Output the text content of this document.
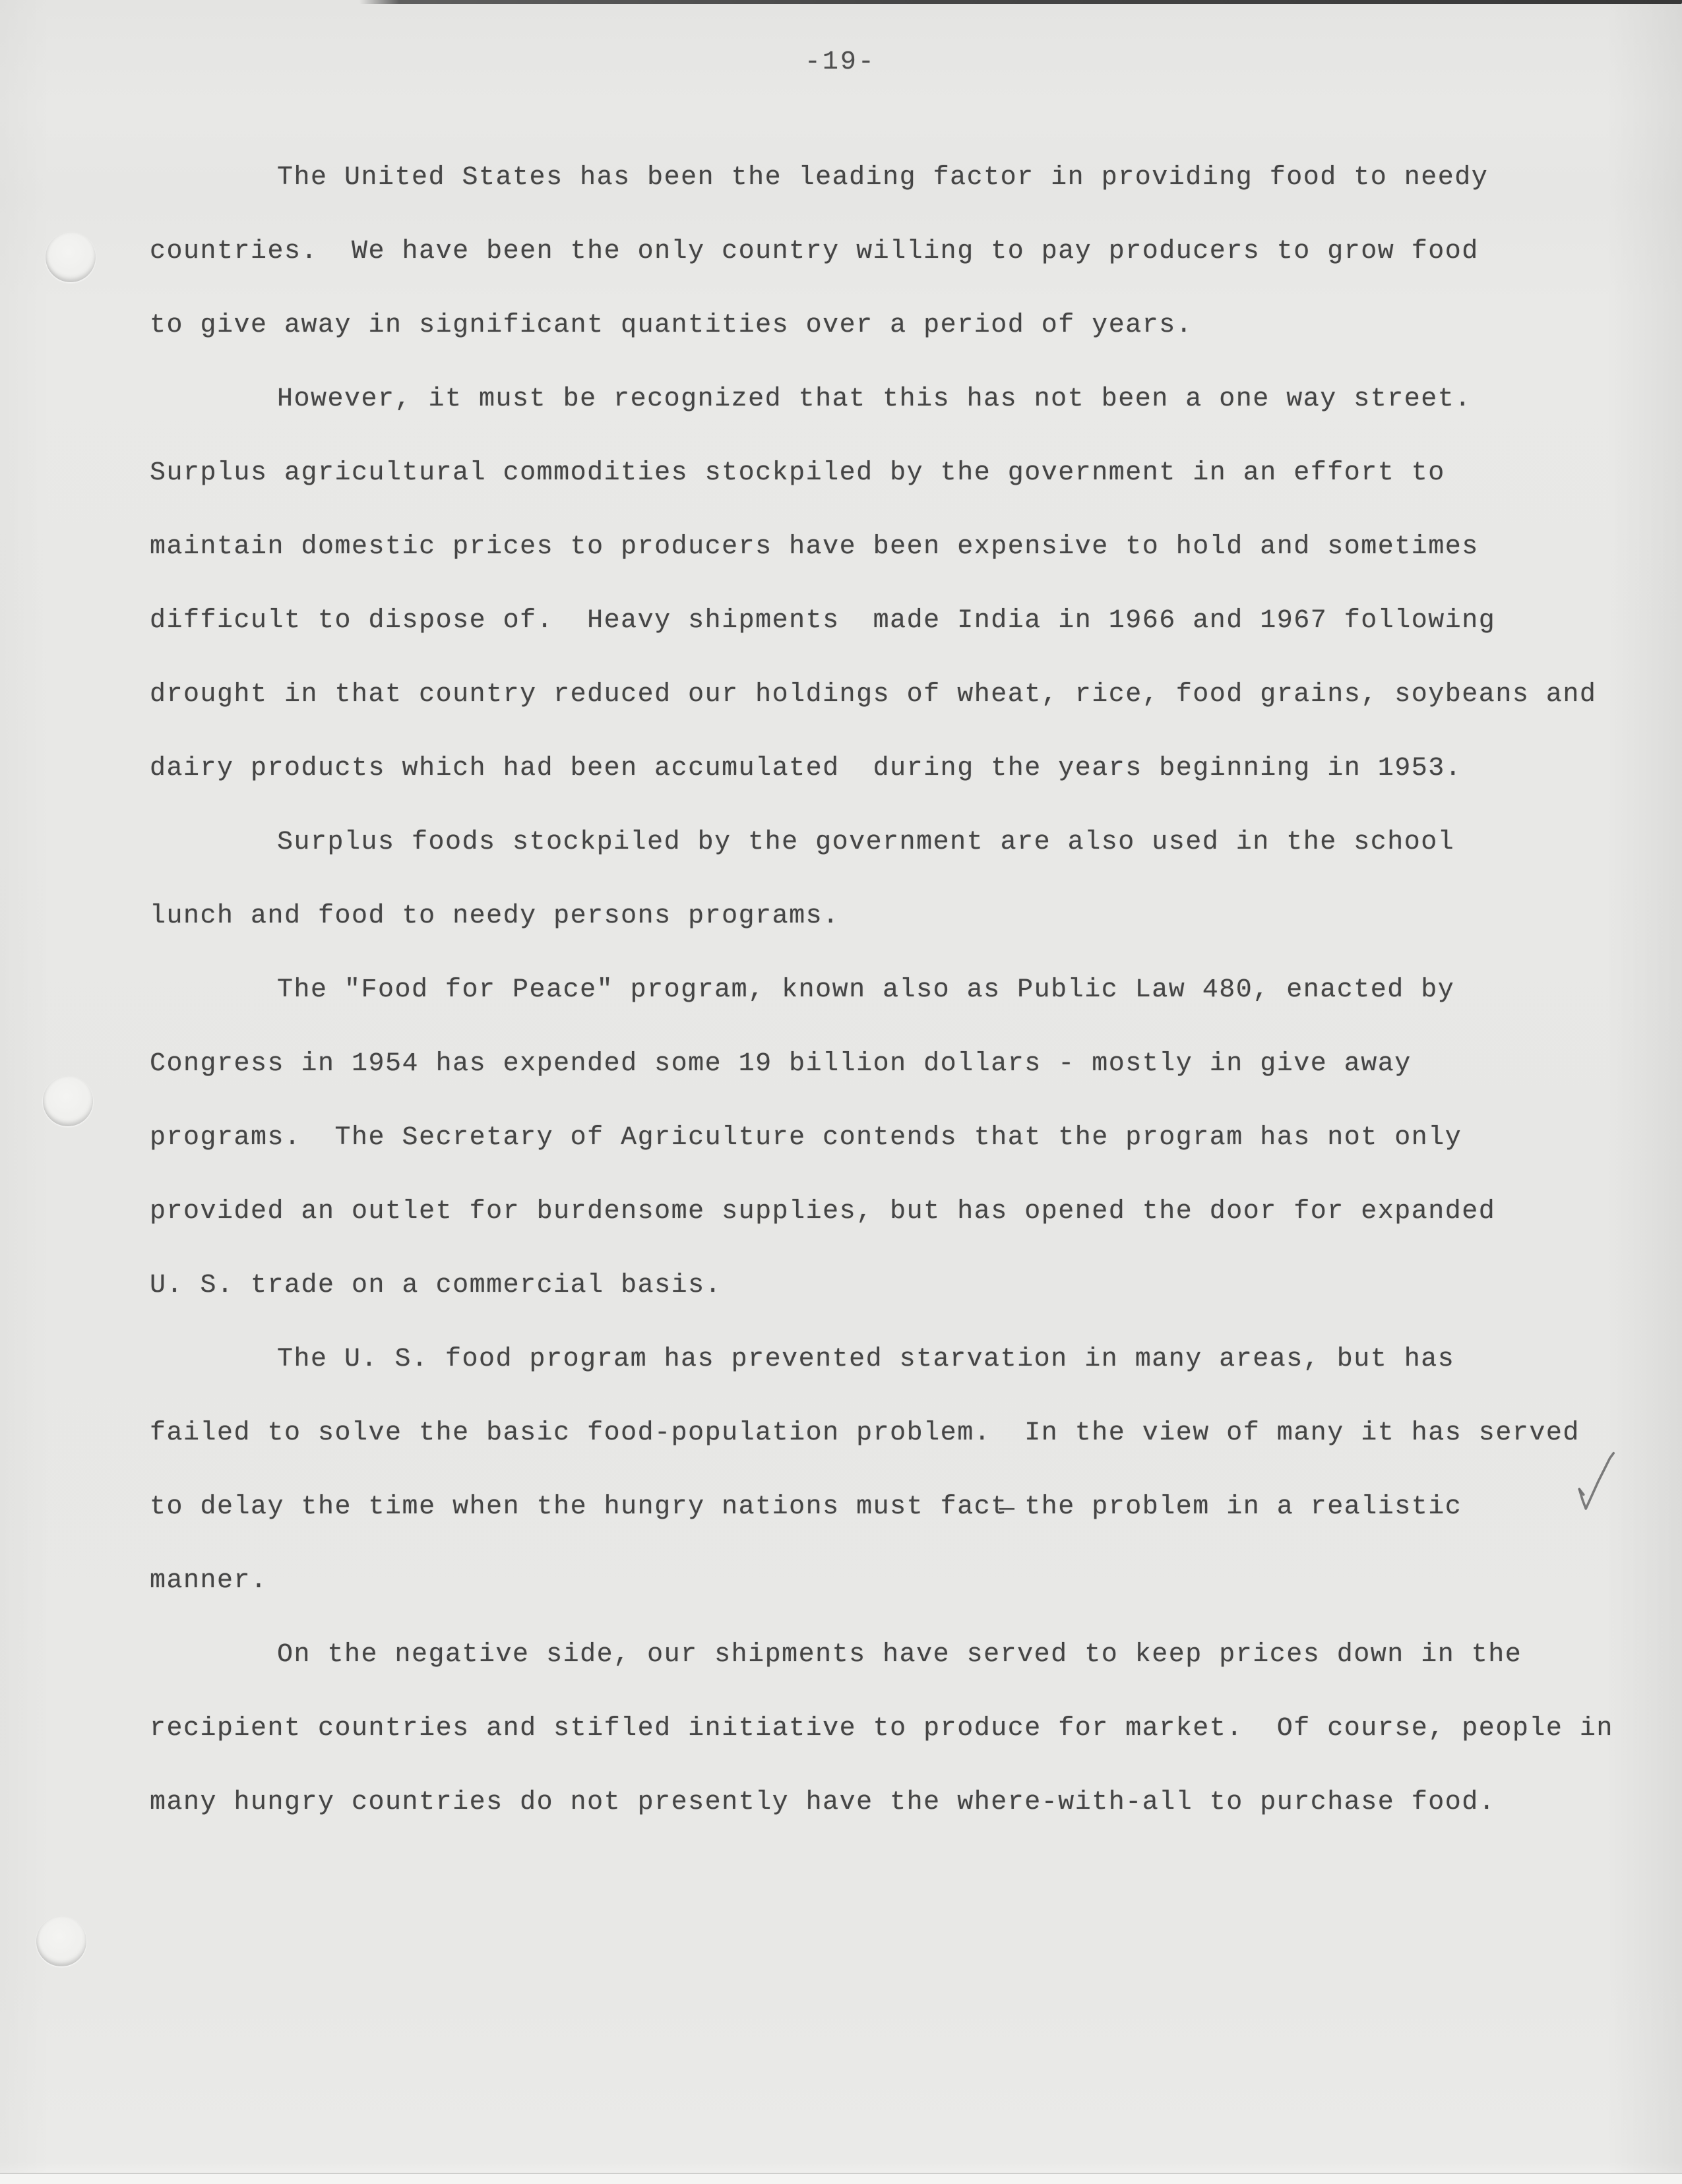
-19-
The United States has been the leading factor in providing food to needy
countries.  We have been the only country willing to pay producers to grow food
to give away in significant quantities over a period of years.
However, it must be recognized that this has not been a one way street.
Surplus agricultural commodities stockpiled by the government in an effort to
maintain domestic prices to producers have been expensive to hold and sometimes
difficult to dispose of.  Heavy shipments  made India in 1966 and 1967 following
drought in that country reduced our holdings of wheat, rice, food grains, soybeans and
dairy products which had been accumulated  during the years beginning in 1953.
Surplus foods stockpiled by the government are also used in the school
lunch and food to needy persons programs.
The "Food for Peace" program, known also as Public Law 480, enacted by
Congress in 1954 has expended some 19 billion dollars - mostly in give away
programs.  The Secretary of Agriculture contends that the program has not only
provided an outlet for burdensome supplies, but has opened the door for expanded
U. S. trade on a commercial basis.
The U. S. food program has prevented starvation in many areas, but has
failed to solve the basic food-population problem.  In the view of many it has served
to delay the time when the hungry nations must fact̶ the problem in a realistic
manner.
On the negative side, our shipments have served to keep prices down in the
recipient countries and stifled initiative to produce for market.  Of course, people in
many hungry countries do not presently have the where-with-all to purchase food.
